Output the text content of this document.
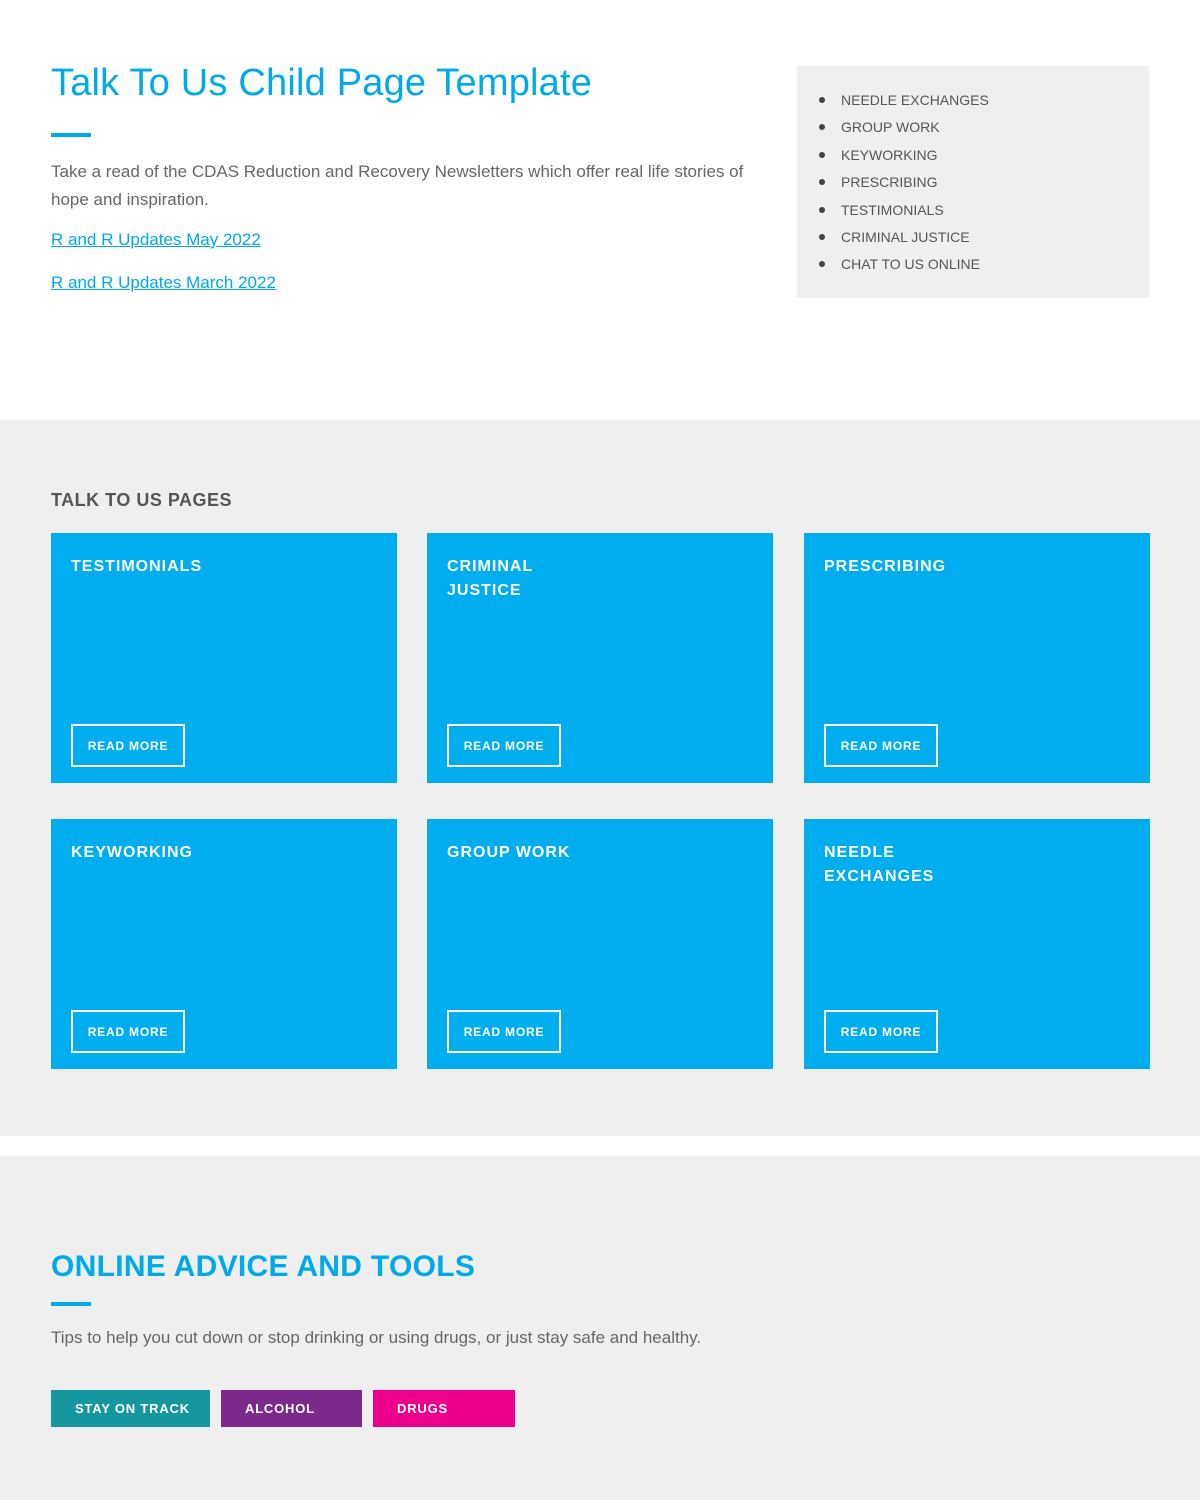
Talk To Us Child Page Template

Take a read of the CDAS Reduction and Recovery Newsletters which offer real life stories of hope and inspiration.

R and R Updates May 2022
R and R Updates March 2022
NEEDLE EXCHANGES
GROUP WORK
KEYWORKING
PRESCRIBING
TESTIMONIALS
CRIMINAL JUSTICE
CHAT TO US ONLINE
TALK TO US PAGES
TESTIMONIALS
READ MORE
CRIMINAL JUSTICE
READ MORE
PRESCRIBING
READ MORE
KEYWORKING
READ MORE
GROUP WORK
READ MORE
NEEDLE EXCHANGES
READ MORE
ONLINE ADVICE AND TOOLS

Tips to help you cut down or stop drinking or using drugs, or just stay safe and healthy.

STAY ON TRACK	ALCOHOL	DRUGS
